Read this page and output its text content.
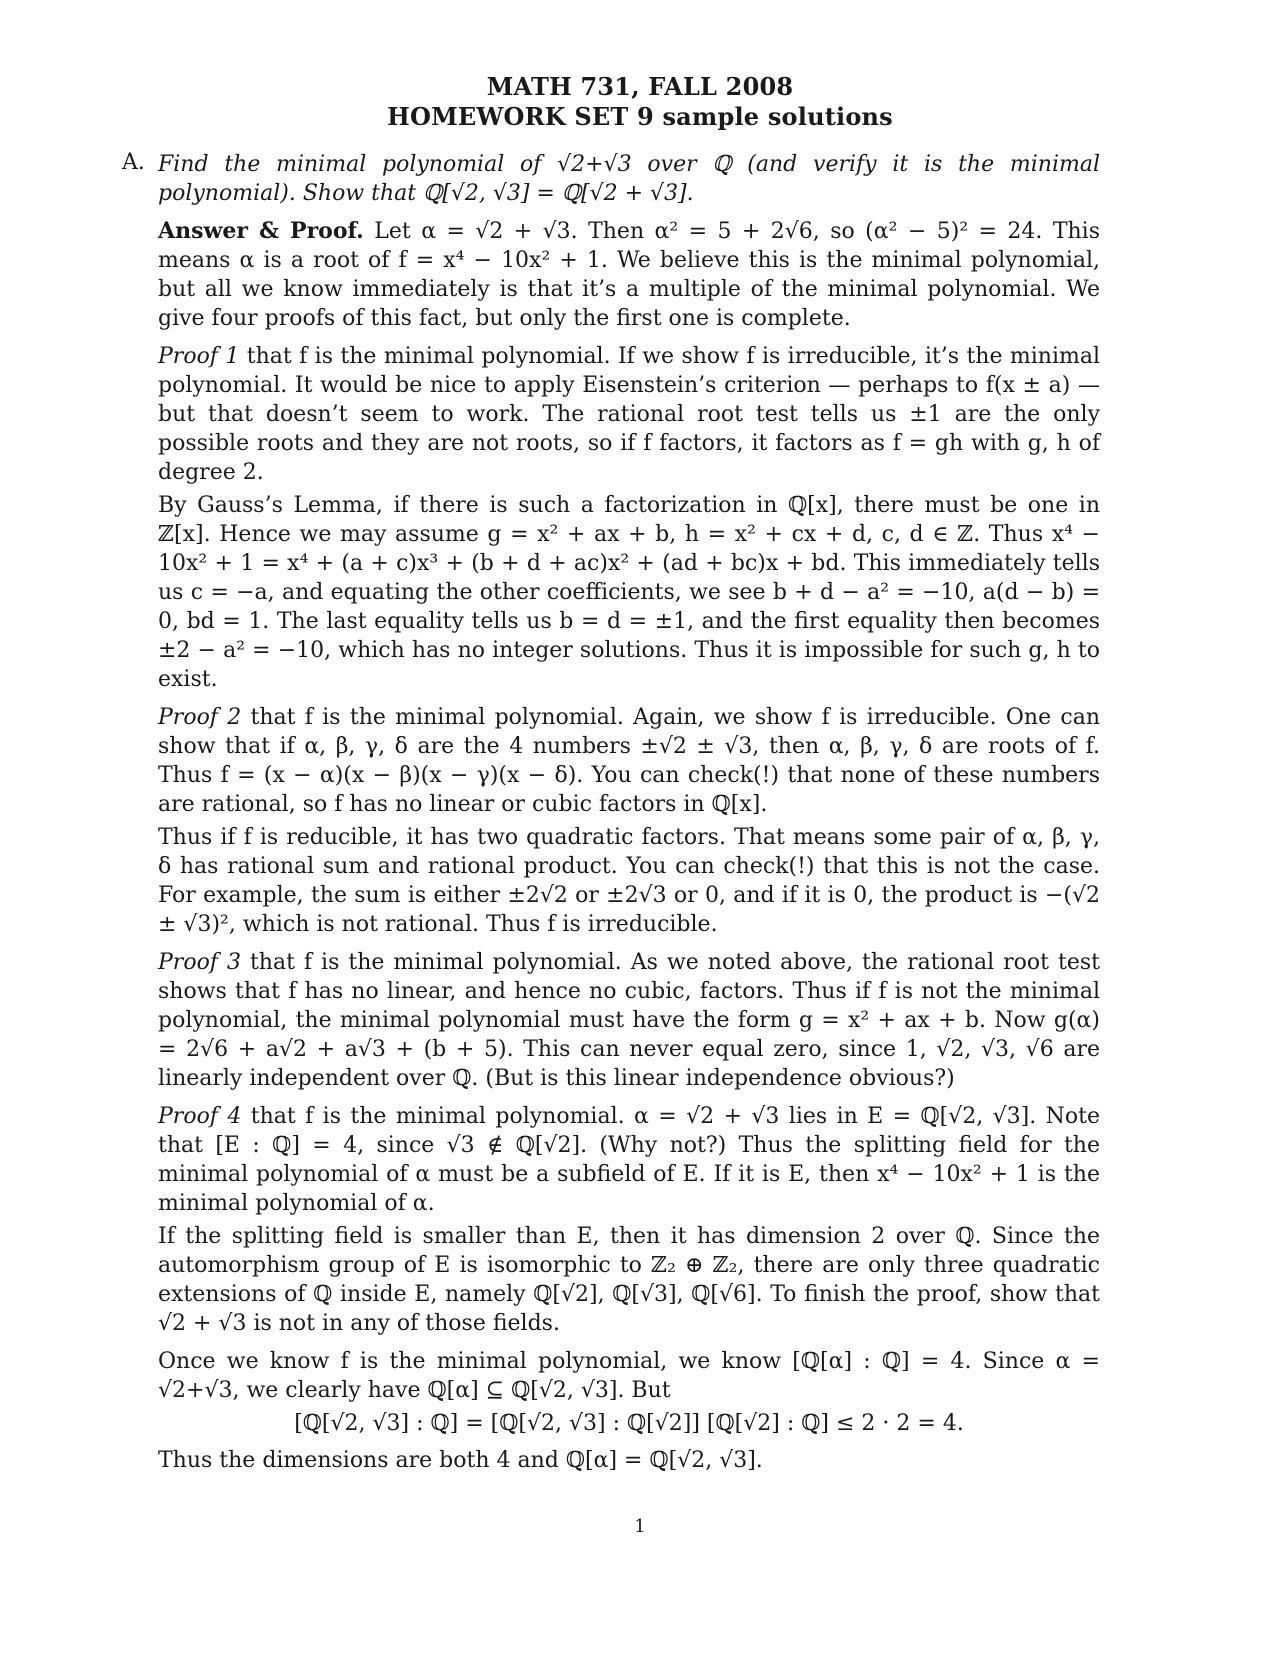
MATH 731, FALL 2008
HOMEWORK SET 9 sample solutions
A. Find the minimal polynomial of √2+√3 over ℚ (and verify it is the minimal polynomial). Show that ℚ[√2, √3] = ℚ[√2 + √3].

Answer & Proof. Let α = √2 + √3. Then α² = 5 + 2√6, so (α² − 5)² = 24. This means α is a root of f = x⁴ − 10x² + 1. We believe this is the minimal polynomial, but all we know immediately is that it’s a multiple of the minimal polynomial. We give four proofs of this fact, but only the first one is complete.

Proof 1 that f is the minimal polynomial. If we show f is irreducible, it’s the minimal polynomial. It would be nice to apply Eisenstein’s criterion — perhaps to f(x ± a) — but that doesn’t seem to work. The rational root test tells us ±1 are the only possible roots and they are not roots, so if f factors, it factors as f = gh with g, h of degree 2.

By Gauss’s Lemma, if there is such a factorization in ℚ[x], there must be one in ℤ[x]. Hence we may assume g = x² + ax + b, h = x² + cx + d, c, d ∈ ℤ. Thus x⁴ − 10x² + 1 = x⁴ + (a + c)x³ + (b + d + ac)x² + (ad + bc)x + bd. This immediately tells us c = −a, and equating the other coefficients, we see b + d − a² = −10, a(d − b) = 0, bd = 1. The last equality tells us b = d = ±1, and the first equality then becomes ±2 − a² = −10, which has no integer solutions. Thus it is impossible for such g, h to exist.

Proof 2 that f is the minimal polynomial. Again, we show f is irreducible. One can show that if α, β, γ, δ are the 4 numbers ±√2 ± √3, then α, β, γ, δ are roots of f. Thus f = (x − α)(x − β)(x − γ)(x − δ). You can check(!) that none of these numbers are rational, so f has no linear or cubic factors in ℚ[x].

Thus if f is reducible, it has two quadratic factors. That means some pair of α, β, γ, δ has rational sum and rational product. You can check(!) that this is not the case. For example, the sum is either ±2√2 or ±2√3 or 0, and if it is 0, the product is −(√2 ± √3)², which is not rational. Thus f is irreducible.

Proof 3 that f is the minimal polynomial. As we noted above, the rational root test shows that f has no linear, and hence no cubic, factors. Thus if f is not the minimal polynomial, the minimal polynomial must have the form g = x² + ax + b. Now g(α) = 2√6 + a√2 + a√3 + (b + 5). This can never equal zero, since 1, √2, √3, √6 are linearly independent over ℚ. (But is this linear independence obvious?)

Proof 4 that f is the minimal polynomial. α = √2 + √3 lies in E = ℚ[√2, √3]. Note that [E : ℚ] = 4, since √3 ∉ ℚ[√2]. (Why not?) Thus the splitting field for the minimal polynomial of α must be a subfield of E. If it is E, then x⁴ − 10x² + 1 is the minimal polynomial of α.

If the splitting field is smaller than E, then it has dimension 2 over ℚ. Since the automorphism group of E is isomorphic to ℤ₂ ⊕ ℤ₂, there are only three quadratic extensions of ℚ inside E, namely ℚ[√2], ℚ[√3], ℚ[√6]. To finish the proof, show that √2 + √3 is not in any of those fields.

Once we know f is the minimal polynomial, we know [ℚ[α] : ℚ] = 4. Since α = √2+√3, we clearly have ℚ[α] ⊆ ℚ[√2, √3]. But

[ℚ[√2, √3] : ℚ] = [ℚ[√2, √3] : ℚ[√2]] [ℚ[√2] : ℚ] ≤ 2 · 2 = 4.

Thus the dimensions are both 4 and ℚ[α] = ℚ[√2, √3].

1
